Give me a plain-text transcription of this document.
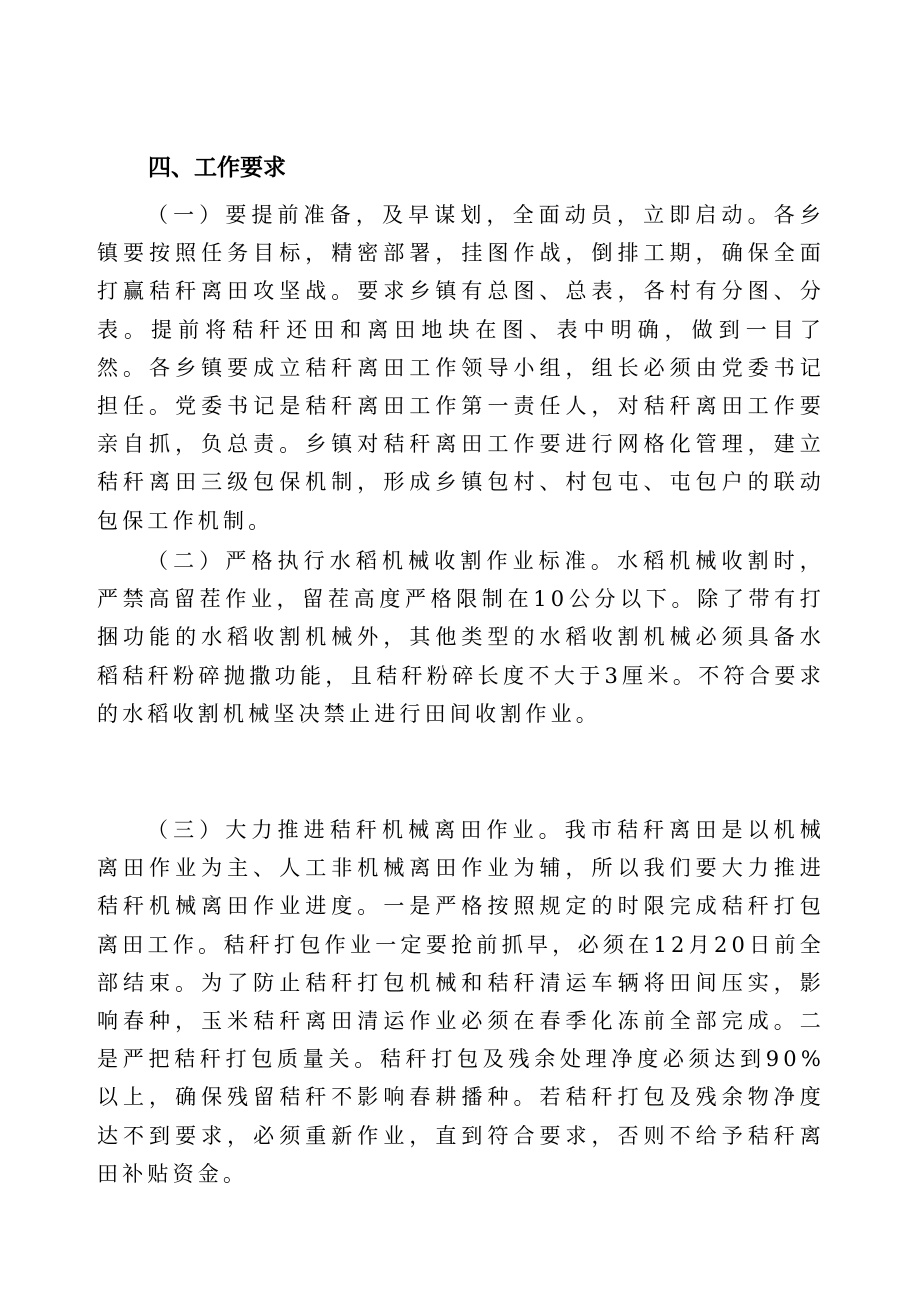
四、工作要求

（一）要提前准备，及早谋划，全面动员，立即启动。各乡镇要按照任务目标，精密部署，挂图作战，倒排工期，确保全面打赢秸秆离田攻坚战。要求乡镇有总图、总表，各村有分图、分表。提前将秸秆还田和离田地块在图、表中明确，做到一目了然。各乡镇要成立秸秆离田工作领导小组，组长必须由党委书记担任。党委书记是秸秆离田工作第一责任人，对秸秆离田工作要亲自抓，负总责。乡镇对秸秆离田工作要进行网格化管理，建立秸秆离田三级包保机制，形成乡镇包村、村包屯、屯包户的联动包保工作机制。

（二）严格执行水稻机械收割作业标准。水稻机械收割时，严禁高留茬作业，留茬高度严格限制在10公分以下。除了带有打捆功能的水稻收割机械外，其他类型的水稻收割机械必须具备水稻秸秆粉碎抛撒功能，且秸秆粉碎长度不大于3厘米。不符合要求的水稻收割机械坚决禁止进行田间收割作业。

（三）大力推进秸秆机械离田作业。我市秸秆离田是以机械离田作业为主、人工非机械离田作业为辅，所以我们要大力推进秸秆机械离田作业进度。一是严格按照规定的时限完成秸秆打包离田工作。秸秆打包作业一定要抢前抓早，必须在12月20日前全部结束。为了防止秸秆打包机械和秸秆清运车辆将田间压实，影响春种，玉米秸秆离田清运作业必须在春季化冻前全部完成。二是严把秸秆打包质量关。秸秆打包及残余处理净度必须达到90%以上，确保残留秸秆不影响春耕播种。若秸秆打包及残余物净度达不到要求，必须重新作业，直到符合要求，否则不给予秸秆离田补贴资金。
